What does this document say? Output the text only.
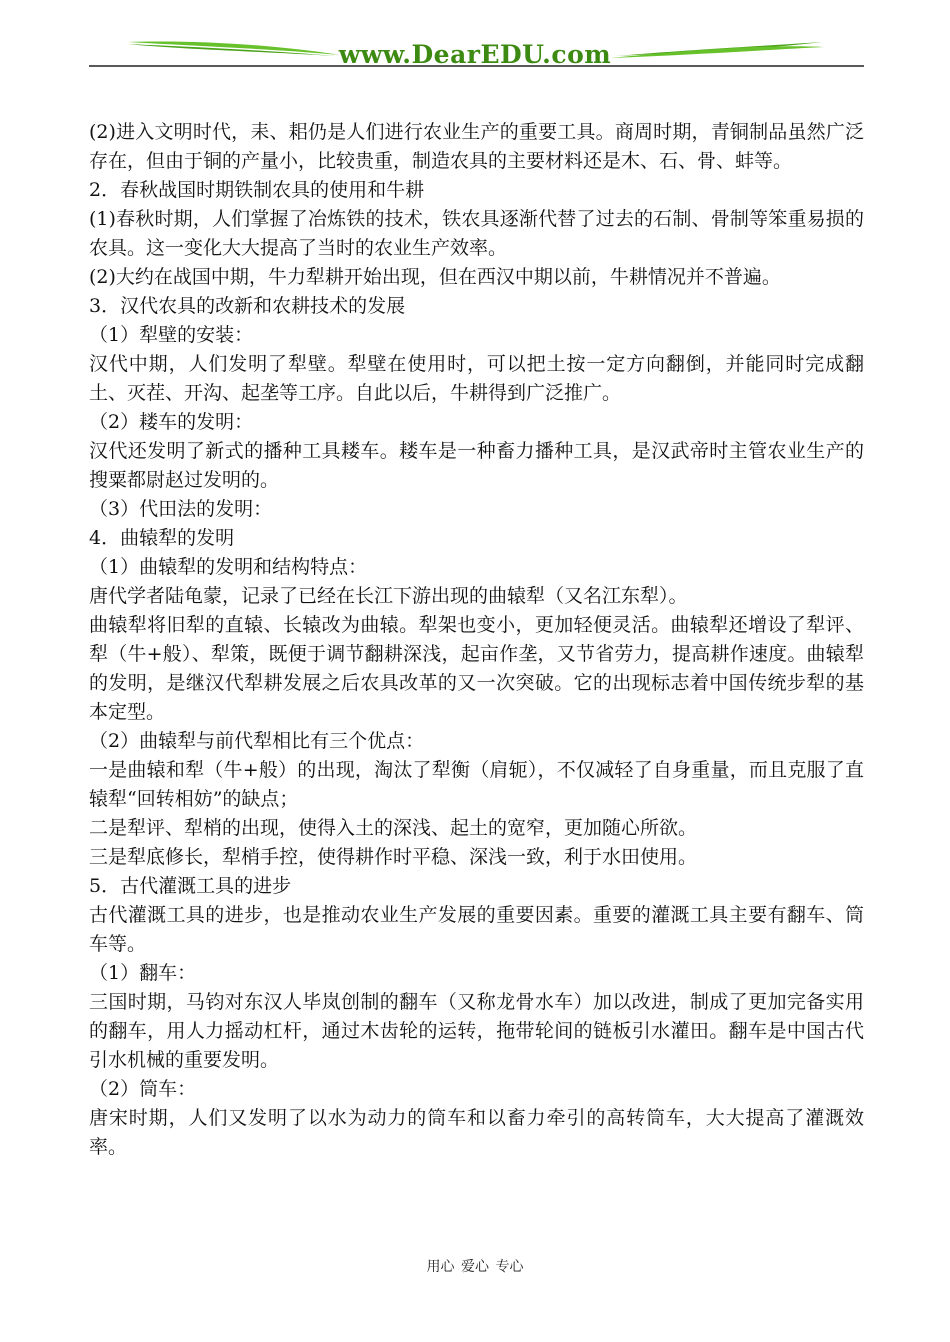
www.DearEDU.com

(2)进入文明时代，耒、耜仍是人们进行农业生产的重要工具。商周时期，青铜制品虽然广泛存在，但由于铜的产量小，比较贵重，制造农具的主要材料还是木、石、骨、蚌等。

2．春秋战国时期铁制农具的使用和牛耕

(1)春秋时期，人们掌握了冶炼铁的技术，铁农具逐渐代替了过去的石制、骨制等笨重易损的农具。这一变化大大提高了当时的农业生产效率。

(2)大约在战国中期，牛力犁耕开始出现，但在西汉中期以前，牛耕情况并不普遍。

3．汉代农具的改新和农耕技术的发展

（1）犁壁的安装：

汉代中期，人们发明了犁壁。犁壁在使用时，可以把土按一定方向翻倒，并能同时完成翻土、灭茬、开沟、起垄等工序。自此以后，牛耕得到广泛推广。

（2）耧车的发明：

汉代还发明了新式的播种工具耧车。耧车是一种畜力播种工具，是汉武帝时主管农业生产的搜粟都尉赵过发明的。

（3）代田法的发明：

4．曲辕犁的发明

（1）曲辕犁的发明和结构特点：

唐代学者陆龟蒙，记录了已经在长江下游出现的曲辕犁（又名江东犁）。

曲辕犁将旧犁的直辕、长辕改为曲辕。犁架也变小，更加轻便灵活。曲辕犁还增设了犁评、犁（牛+般）、犁策，既便于调节翻耕深浅，起亩作垄，又节省劳力，提高耕作速度。曲辕犁的发明，是继汉代犁耕发展之后农具改革的又一次突破。它的出现标志着中国传统步犁的基本定型。

（2）曲辕犁与前代犁相比有三个优点：

一是曲辕和犁（牛+般）的出现，淘汰了犁衡（肩轭），不仅减轻了自身重量，而且克服了直辕犁“回转相妨”的缺点；

二是犁评、犁梢的出现，使得入土的深浅、起土的宽窄，更加随心所欲。

三是犁底修长，犁梢手控，使得耕作时平稳、深浅一致，利于水田使用。

5．古代灌溉工具的进步

古代灌溉工具的进步，也是推动农业生产发展的重要因素。重要的灌溉工具主要有翻车、筒车等。

（1）翻车：

三国时期，马钧对东汉人毕岚创制的翻车（又称龙骨水车）加以改进，制成了更加完备实用的翻车，用人力摇动杠杆，通过木齿轮的运转，拖带轮间的链板引水灌田。翻车是中国古代引水机械的重要发明。

（2）筒车：

唐宋时期，人们又发明了以水为动力的筒车和以畜力牵引的高转筒车，大大提高了灌溉效率。

用心 爱心 专心
